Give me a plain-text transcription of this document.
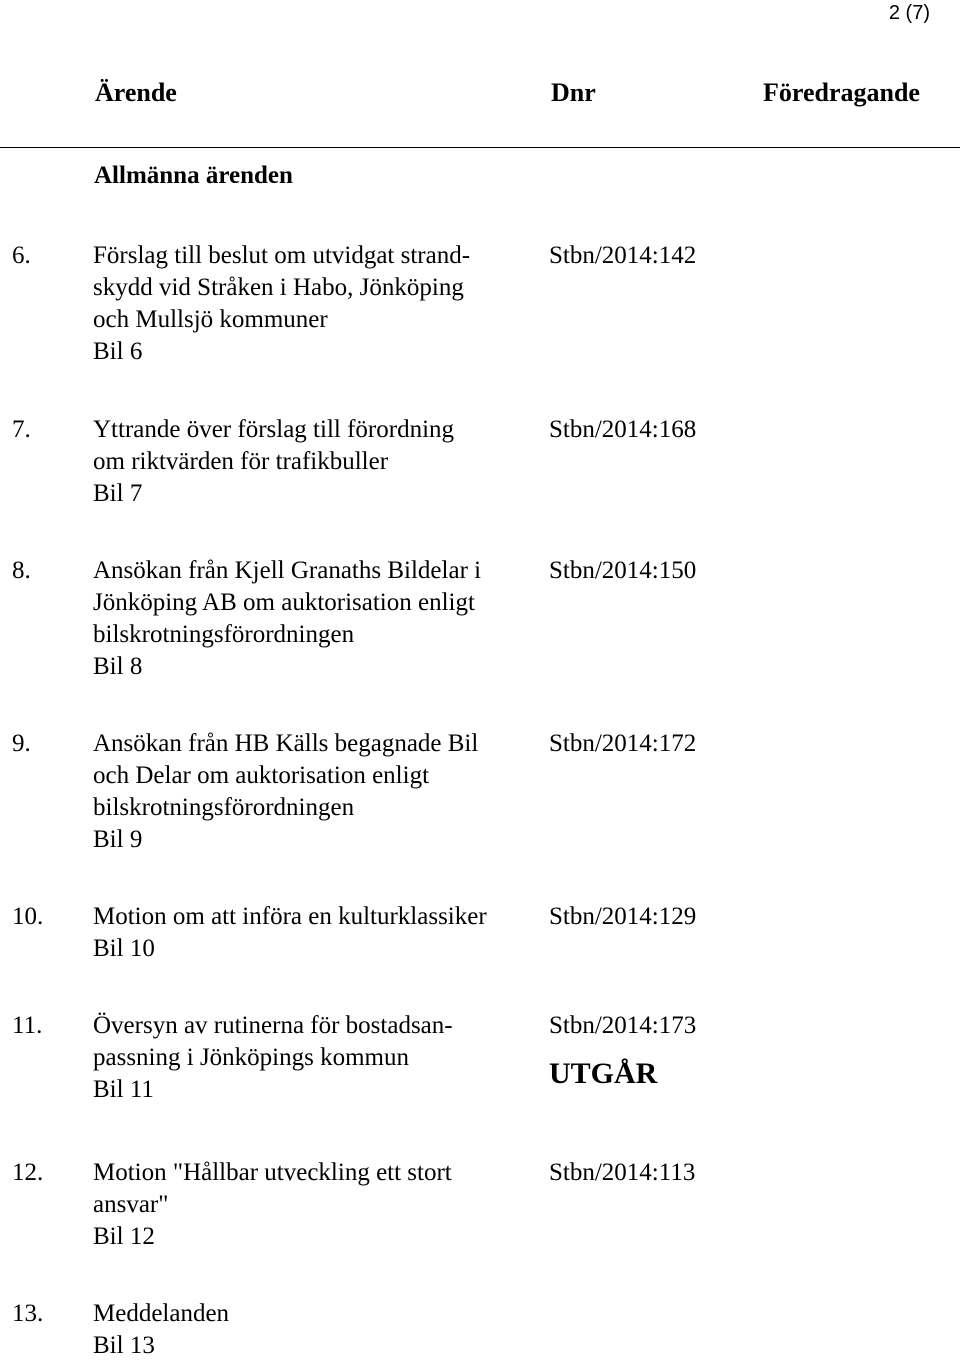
2 (7)
Ärende	Dnr	Föredragande
Allmänna ärenden
6. Förslag till beslut om utvidgat strand-
skydd vid Stråken i Habo, Jönköping
och Mullsjö kommuner
Bil 6
Stbn/2014:142
7. Yttrande över förslag till förordning
om riktvärden för trafikbuller
Bil 7
Stbn/2014:168
8. Ansökan från Kjell Granaths Bildelar i
Jönköping AB om auktorisation enligt
bilskrotningsförordningen
Bil 8
Stbn/2014:150
9. Ansökan från HB Källs begagnade Bil
och Delar om auktorisation enligt
bilskrotningsförordningen
Bil 9
Stbn/2014:172
10. Motion om att införa en kulturklassiker
Bil 10
Stbn/2014:129
11. Översyn av rutinerna för bostadsan-
passning i Jönköpings kommun
Bil 11
Stbn/2014:173
UTGÅR
12. Motion "Hållbar utveckling ett stort
ansvar"
Bil 12
Stbn/2014:113
13. Meddelanden
Bil 13
